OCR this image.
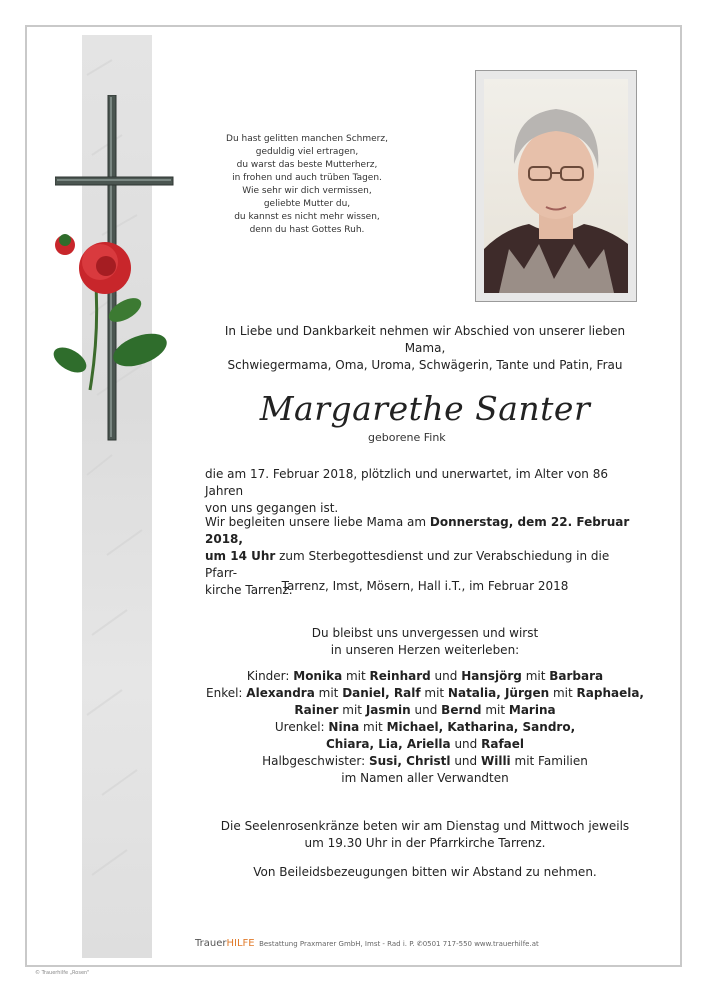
Du hast gelitten manchen Schmerz,
geduldig viel ertragen,
du warst das beste Mutterherz,
in frohen und auch trüben Tagen.
Wie sehr wir dich vermissen,
geliebte Mutter du,
du kannst es nicht mehr wissen,
denn du hast Gottes Ruh.
In Liebe und Dankbarkeit nehmen wir Abschied von unserer lieben Mama,
Schwiegermama, Oma, Uroma, Schwägerin, Tante und Patin, Frau
Margarethe Santer
geborene Fink
die am 17. Februar 2018, plötzlich und unerwartet, im Alter von 86 Jahren
von uns gegangen ist.
Wir begleiten unsere liebe Mama am Donnerstag, dem 22. Februar 2018,
um 14 Uhr zum Sterbegottesdienst und zur Verabschiedung in die Pfarr-
kirche Tarrenz.
Tarrenz, Imst, Mösern, Hall i.T., im Februar 2018
Du bleibst uns unvergessen und wirst
in unseren Herzen weiterleben:
Kinder: Monika mit Reinhard und Hansjörg mit Barbara
Enkel: Alexandra mit Daniel, Ralf mit Natalia, Jürgen mit Raphaela,
Rainer mit Jasmin und Bernd mit Marina
Urenkel: Nina mit Michael, Katharina, Sandro,
Chiara, Lia, Ariella und Rafael
Halbgeschwister: Susi, Christl und Willi mit Familien
im Namen aller Verwandten
Die Seelenrosenkränze beten wir am Dienstag und Mittwoch jeweils
um 19.30 Uhr in der Pfarrkirche Tarrenz.
Von Beileidsbezeugungen bitten wir Abstand zu nehmen.
TrauerHILFE Bestattung Praxmarer GmbH, Imst - Rad i. P. ✆0501 717-550 www.trauerhilfe.at
© Trauerhilfe „Rosen"
